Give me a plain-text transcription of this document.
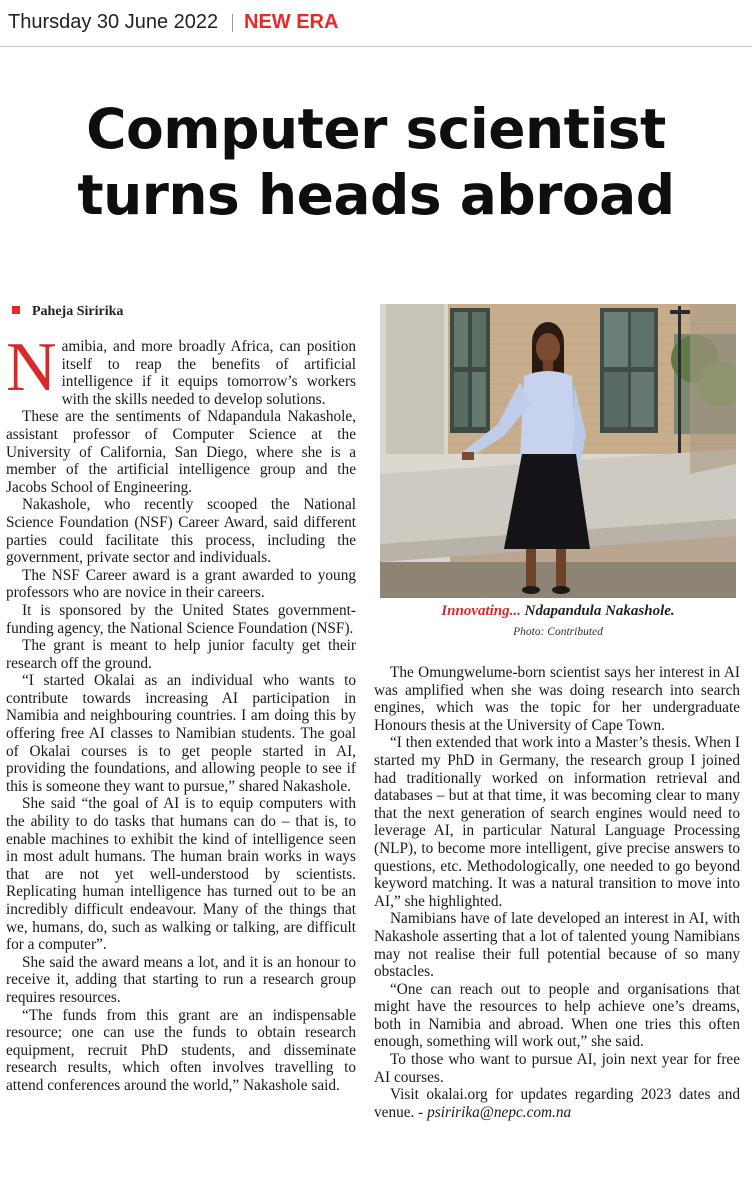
Thursday 30 June 2022 NEW ERA
Computer scientist
turns heads abroad
Paheja Siririka

Namibia, and more broadly Africa, can position itself to reap the benefits of artificial intelligence if it equips tomorrow’s workers with the skills needed to develop solutions.

These are the sentiments of Ndapandula Nakashole, assistant professor of Computer Science at the University of California, San Diego, where she is a member of the artificial intelligence group and the Jacobs School of Engineering.

Nakashole, who recently scooped the National Science Foundation (NSF) Career Award, said different parties could facilitate this process, including the government, private sector and individuals.

The NSF Career award is a grant awarded to young professors who are novice in their careers.

It is sponsored by the United States government-funding agency, the National Science Foundation (NSF).

The grant is meant to help junior faculty get their research off the ground.

“I started Okalai as an individual who wants to contribute towards increasing AI participation in Namibia and neighbouring countries. I am doing this by offering free AI classes to Namibian students. The goal of Okalai courses is to get people started in AI, providing the foundations, and allowing people to see if this is someone they want to pursue,” shared Nakashole.

She said “the goal of AI is to equip computers with the ability to do tasks that humans can do – that is, to enable machines to exhibit the kind of intelligence seen in most adult humans. The human brain works in ways that are not yet well-understood by scientists. Replicating human intelligence has turned out to be an incredibly difficult endeavour. Many of the things that we, humans, do, such as walking or talking, are difficult for a computer”.

She said the award means a lot, and it is an honour to receive it, adding that starting to run a research group requires resources.

“The funds from this grant are an indispensable resource; one can use the funds to obtain research equipment, recruit PhD students, and disseminate research results, which often involves travelling to attend conferences around the world,” Nakashole said.

Innovating... Ndapandula Nakashole.
Photo: Contributed

The Omungwelume-born scientist says her interest in AI was amplified when she was doing research into search engines, which was the topic for her undergraduate Honours thesis at the University of Cape Town.

“I then extended that work into a Master’s thesis. When I started my PhD in Germany, the research group I joined had traditionally worked on information retrieval and databases – but at that time, it was becoming clear to many that the next generation of search engines would need to leverage AI, in particular Natural Language Processing (NLP), to become more intelligent, give precise answers to questions, etc. Methodologically, one needed to go beyond keyword matching. It was a natural transition to move into AI,” she highlighted.

Namibians have of late developed an interest in AI, with Nakashole asserting that a lot of talented young Namibians may not realise their full potential because of so many obstacles.

“One can reach out to people and organisations that might have the resources to help achieve one’s dreams, both in Namibia and abroad. When one tries this often enough, something will work out,” she said.

To those who want to pursue AI, join next year for free AI courses.

Visit okalai.org for updates regarding 2023 dates and venue. - psiririka@nepc.com.na
